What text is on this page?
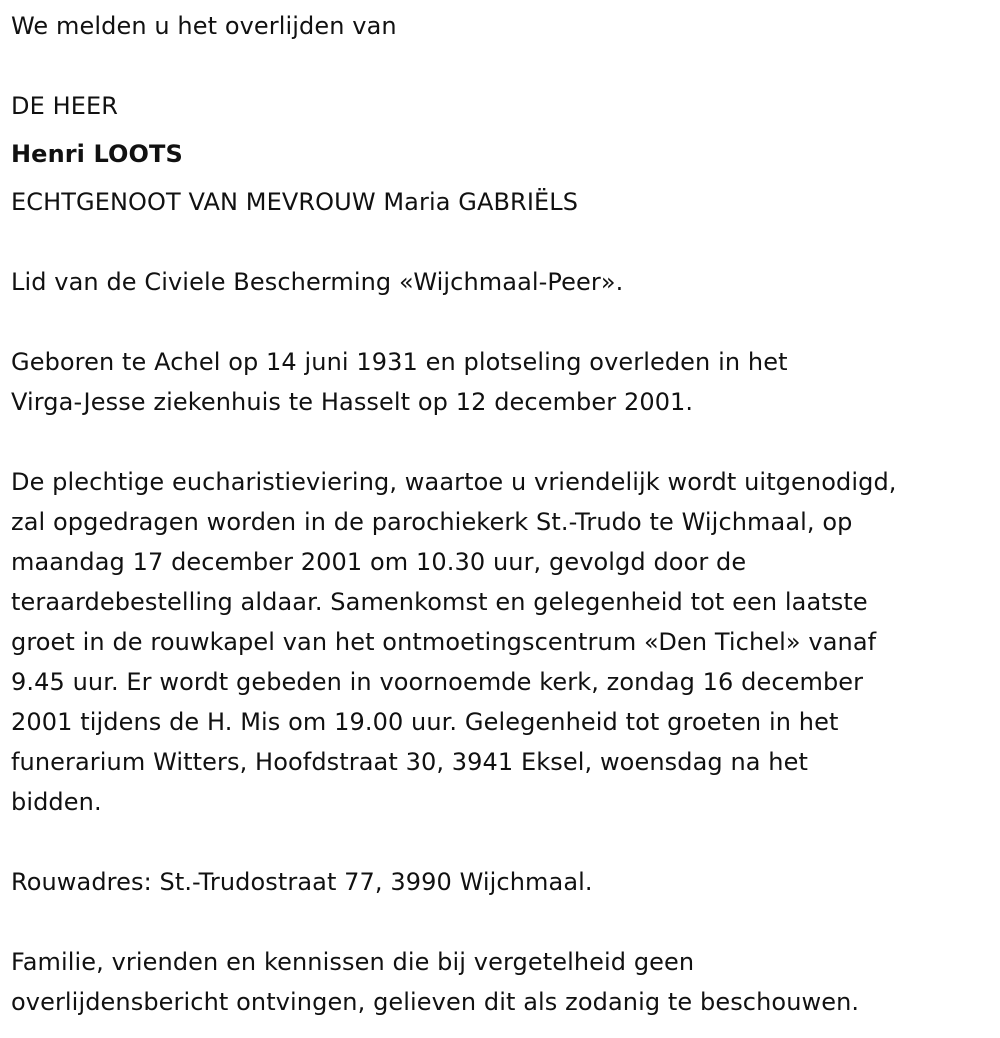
We melden u het overlijden van
DE HEER
Henri LOOTS
ECHTGENOOT VAN MEVROUW Maria GABRIËLS
Lid van de Civiele Bescherming «Wijchmaal-Peer».
Geboren te Achel op 14 juni 1931 en plotseling overleden in het
Virga-Jesse ziekenhuis te Hasselt op 12 december 2001.
De plechtige eucharistieviering, waartoe u vriendelijk wordt uitgenodigd,
zal opgedragen worden in de parochiekerk St.-Trudo te Wijchmaal, op
maandag 17 december 2001 om 10.30 uur, gevolgd door de
teraardebestelling aldaar. Samenkomst en gelegenheid tot een laatste
groet in de rouwkapel van het ontmoetingscentrum «Den Tichel» vanaf
9.45 uur. Er wordt gebeden in voornoemde kerk, zondag 16 december
2001 tijdens de H. Mis om 19.00 uur. Gelegenheid tot groeten in het
funerarium Witters, Hoofdstraat 30, 3941 Eksel, woensdag na het
bidden.
Rouwadres: St.-Trudostraat 77, 3990 Wijchmaal.
Familie, vrienden en kennissen die bij vergetelheid geen
overlijdensbericht ontvingen, gelieven dit als zodanig te beschouwen.
